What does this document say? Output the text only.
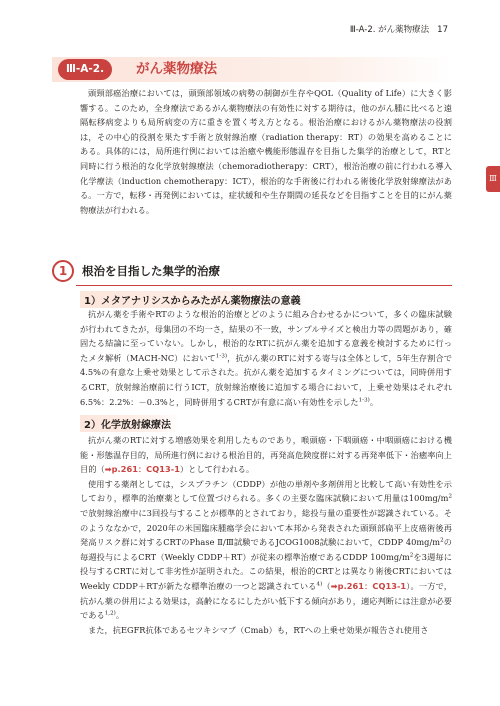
Ⅲ-A-2. がん薬物療法 17
Ⅲ
Ⅲ-A-2.	がん薬物療法

頭頸部癌治療においては，頭頸部領域の病勢の制御が生存やQOL（Quality of Life）に大きく影響する。このため，全身療法であるがん薬物療法の有効性に対する期待は，他のがん腫に比べると遠隔転移病変よりも局所病変の方に重きを置く考え方となる。根治治療におけるがん薬物療法の役割は，その中心的役割を果たす手術と放射線治療（radiation therapy：RT）の効果を高めることにある。具体的には，局所進行例においては治癒や機能形態温存を目指した集学的治療として，RTと同時に行う根治的な化学放射線療法（chemoradiotherapy：CRT），根治治療の前に行われる導入化学療法（induction chemotherapy：ICT），根治的な手術後に行われる術後化学放射線療法がある。一方で，転移・再発例においては，症状緩和や生存期間の延長などを目指すことを目的にがん薬物療法が行われる。

1	根治を目指した集学的治療
1）メタアナリシスからみたがん薬物療法の意義

抗がん薬を手術やRTのような根治的治療とどのように組み合わせるかについて，多くの臨床試験が行われてきたが，母集団の不均一さ，結果の不一致，サンプルサイズと検出力等の問題があり，確固たる結論に至っていない。しかし，根治的なRTに抗がん薬を追加する意義を検討するために行ったメタ解析（MACH-NC）において$^{1-3)}$，抗がん薬のRTに対する寄与は全体として，5年生存割合で4.5%の有意な上乗せ効果として示された。抗がん薬を追加するタイミングについては，同時併用するCRT，放射線治療前に行うICT，放射線治療後に追加する場合において，上乗せ効果はそれぞれ6.5%：2.2%：－0.3%と，同時併用するCRTが有意に高い有効性を示した$^{1-3)}$。

2）化学放射線療法

抗がん薬のRTに対する増感効果を利用したものであり，喉頭癌・下咽頭癌・中咽頭癌における機能・形態温存目的，局所進行例における根治目的，再発高危険度群に対する再発率低下・治癒率向上目的（➡p.261：CQ13-1）として行われる。

使用する薬剤としては，シスプラチン（CDDP）が他の単剤や多剤併用と比較して高い有効性を示しており，標準的治療薬として位置づけられる。多くの主要な臨床試験において用量は$100mg/m^2$で放射線治療中に3回投与することが標準的とされており，総投与量の重要性が認識されている。そのようななかで，2020年の米国臨床腫瘍学会において本邦から発表された頭頸部扁平上皮癌術後再発高リスク群に対するCRTのPhase Ⅱ/Ⅲ試験であるJCOG1008試験において，CDDP $40mg/m^2$の毎週投与によるCRT（Weekly CDDP＋RT）が従来の標準治療であるCDDP $100mg/m^2$を3週毎に投与するCRTに対して非劣性が証明された。この結果，根治的CRTとは異なり術後CRTにおいてはWeekly CDDP＋RTが新たな標準治療の一つと認識されている$^{4)}$（➡p.261：CQ13-1）。一方で，抗がん薬の併用による効果は，高齢になるにしたがい低下する傾向があり，適応判断には注意が必要である$^{1,2)}$。

また，抗EGFR抗体であるセツキシマブ（Cmab）も，RTへの上乗せ効果が報告され使用さ
